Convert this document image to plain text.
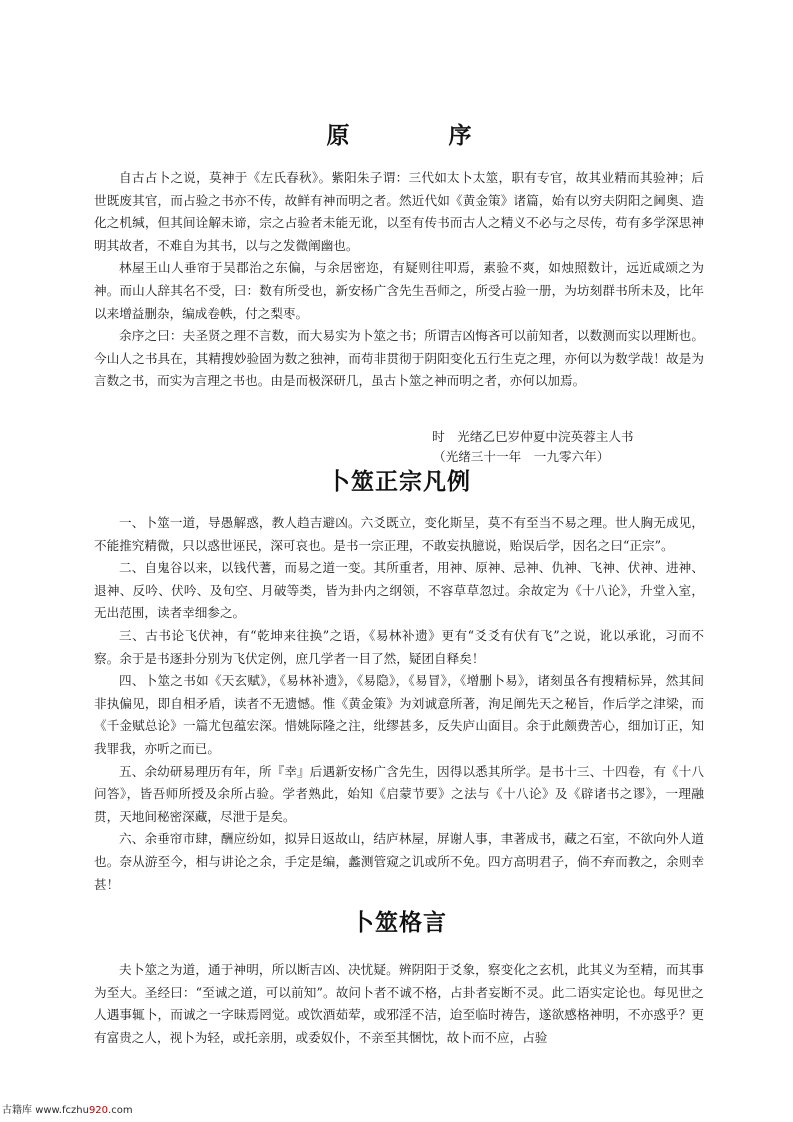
原　序

自古占卜之说，莫神于《左氏春秋》。紫阳朱子谓：三代如太卜太筮，职有专官，故其业精而其验神；后世既废其官，而占验之书亦不传，故鲜有神而明之者。然近代如《黄金策》诸篇，始有以穷夫阴阳之阃奥、造化之机缄，但其间诠解未谛，宗之占验者未能无讹，以至有传书而古人之精义不必与之尽传，苟有多学深思神明其故者，不难自为其书，以与之发微阐幽也。

林屋王山人垂帘于吴郡治之东偏，与余居密迩，有疑则往叩焉，素验不爽，如烛照数计，远近咸颂之为神。而山人辞其名不受，曰：数有所受也，新安杨广含先生吾师之，所受占验一册，为坊刻群书所未及，比年以来增益删杂，编成卷帙，付之梨枣。

余序之曰：夫圣贤之理不言数，而大易实为卜筮之书；所谓吉凶悔吝可以前知者，以数测而实以理断也。今山人之书具在，其精搜妙验固为数之独神，而苟非贯彻于阴阳变化五行生克之理，亦何以为数学哉！故是为言数之书，而实为言理之书也。由是而极深研几，虽古卜筮之神而明之者，亦何以加焉。

时　光绪乙巳岁仲夏中浣英蓉主人书
（光绪三十一年　一九零六年）
卜筮正宗凡例

一、卜筮一道，导愚解惑，教人趋吉避凶。六爻既立，变化斯呈，莫不有至当不易之理。世人胸无成见，不能推究精微，只以惑世诬民，深可哀也。是书一宗正理，不敢妄执臆说，贻误后学，因名之曰“正宗”。

二、自鬼谷以来，以钱代蓍，而易之道一变。其所重者，用神、原神、忌神、仇神、飞神、伏神、进神、退神、反吟、伏吟、及旬空、月破等类，皆为卦内之纲领，不容草草忽过。余故定为《十八论》，升堂入室，无出范围，读者幸细参之。

三、古书论飞伏神，有“乾坤来往换”之语，《易林补遗》更有“爻爻有伏有飞”之说，讹以承讹，习而不察。余于是书逐卦分别为飞伏定例，庶几学者一目了然，疑团自释矣！

四、卜筮之书如《天玄赋》，《易林补遗》，《易隐》，《易冒》，《增删卜易》，诸刻虽各有搜精标异，然其间非执偏见，即自相矛盾，读者不无遗憾。惟《黄金策》为刘诚意所著，洵足阐先天之秘旨，作后学之津梁，而《千金赋总论》一篇尤包蕴宏深。惜姚际隆之注，纰缪甚多，反失庐山面目。余于此颇费苦心，细加订正，知我罪我，亦听之而已。

五、余幼研易理历有年，所『幸』后遇新安杨广含先生，因得以悉其所学。是书十三、十四卷，有《十八问答》，皆吾师所授及余所占验。学者熟此，始知《启蒙节要》之法与《十八论》及《辟诸书之谬》，一理融贯，天地间秘密深藏，尽泄于是矣。

六、余垂帘市肆，酬应纷如，拟异日返故山，结庐林屋，屏谢人事，聿著成书，藏之石室，不欲向外人道也。奈从游至今，相与讲论之余，手定是编，蠡测管窥之讥或所不免。四方高明君子，倘不弃而教之，余则幸甚！

卜筮格言

夫卜筮之为道，通于神明，所以断吉凶、决忧疑。辨阴阳于爻象，察变化之玄机，此其义为至精，而其事为至大。圣经曰：“至诚之道，可以前知”。故问卜者不诚不格，占卦者妄断不灵。此二语实定论也。每见世之人遇事辄卜，而诚之一字昧焉罔觉。或饮酒茹荤，或邪淫不洁，迨至临时祷告，遂欲感格神明，不亦惑乎？更有富贵之人，视卜为轻，或托亲朋，或委奴仆，不亲至其悃忱，故卜而不应，占验

古籍库 www.fczhu920.com
